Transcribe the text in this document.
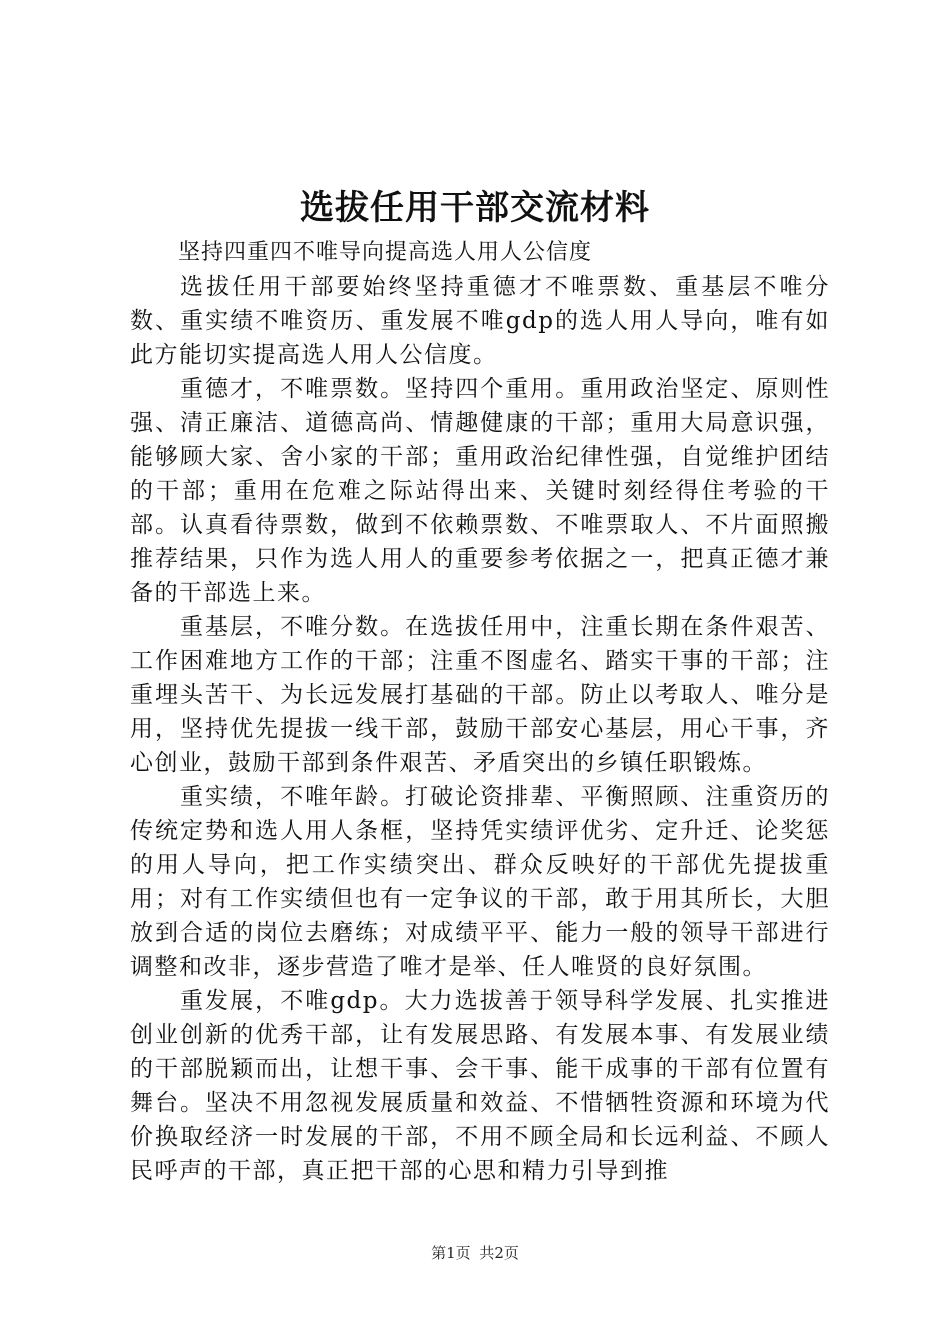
选拔任用干部交流材料

坚持四重四不唯导向提高选人用人公信度

选拔任用干部要始终坚持重德才不唯票数、重基层不唯分数、重实绩不唯资历、重发展不唯gdp的选人用人导向，唯有如此方能切实提高选人用人公信度。

重德才，不唯票数。坚持四个重用。重用政治坚定、原则性强、清正廉洁、道德高尚、情趣健康的干部；重用大局意识强，能够顾大家、舍小家的干部；重用政治纪律性强，自觉维护团结的干部；重用在危难之际站得出来、关键时刻经得住考验的干部。认真看待票数，做到不依赖票数、不唯票取人、不片面照搬推荐结果，只作为选人用人的重要参考依据之一，把真正德才兼备的干部选上来。

重基层，不唯分数。在选拔任用中，注重长期在条件艰苦、工作困难地方工作的干部；注重不图虚名、踏实干事的干部；注重埋头苦干、为长远发展打基础的干部。防止以考取人、唯分是用，坚持优先提拔一线干部，鼓励干部安心基层，用心干事，齐心创业，鼓励干部到条件艰苦、矛盾突出的乡镇任职锻炼。

重实绩，不唯年龄。打破论资排辈、平衡照顾、注重资历的传统定势和选人用人条框，坚持凭实绩评优劣、定升迁、论奖惩的用人导向，把工作实绩突出、群众反映好的干部优先提拔重用；对有工作实绩但也有一定争议的干部，敢于用其所长，大胆放到合适的岗位去磨练；对成绩平平、能力一般的领导干部进行调整和改非，逐步营造了唯才是举、任人唯贤的良好氛围。

重发展，不唯gdp。大力选拔善于领导科学发展、扎实推进创业创新的优秀干部，让有发展思路、有发展本事、有发展业绩的干部脱颖而出，让想干事、会干事、能干成事的干部有位置有舞台。坚决不用忽视发展质量和效益、不惜牺牲资源和环境为代价换取经济一时发展的干部，不用不顾全局和长远利益、不顾人民呼声的干部，真正把干部的心思和精力引导到推

第1页 共2页
